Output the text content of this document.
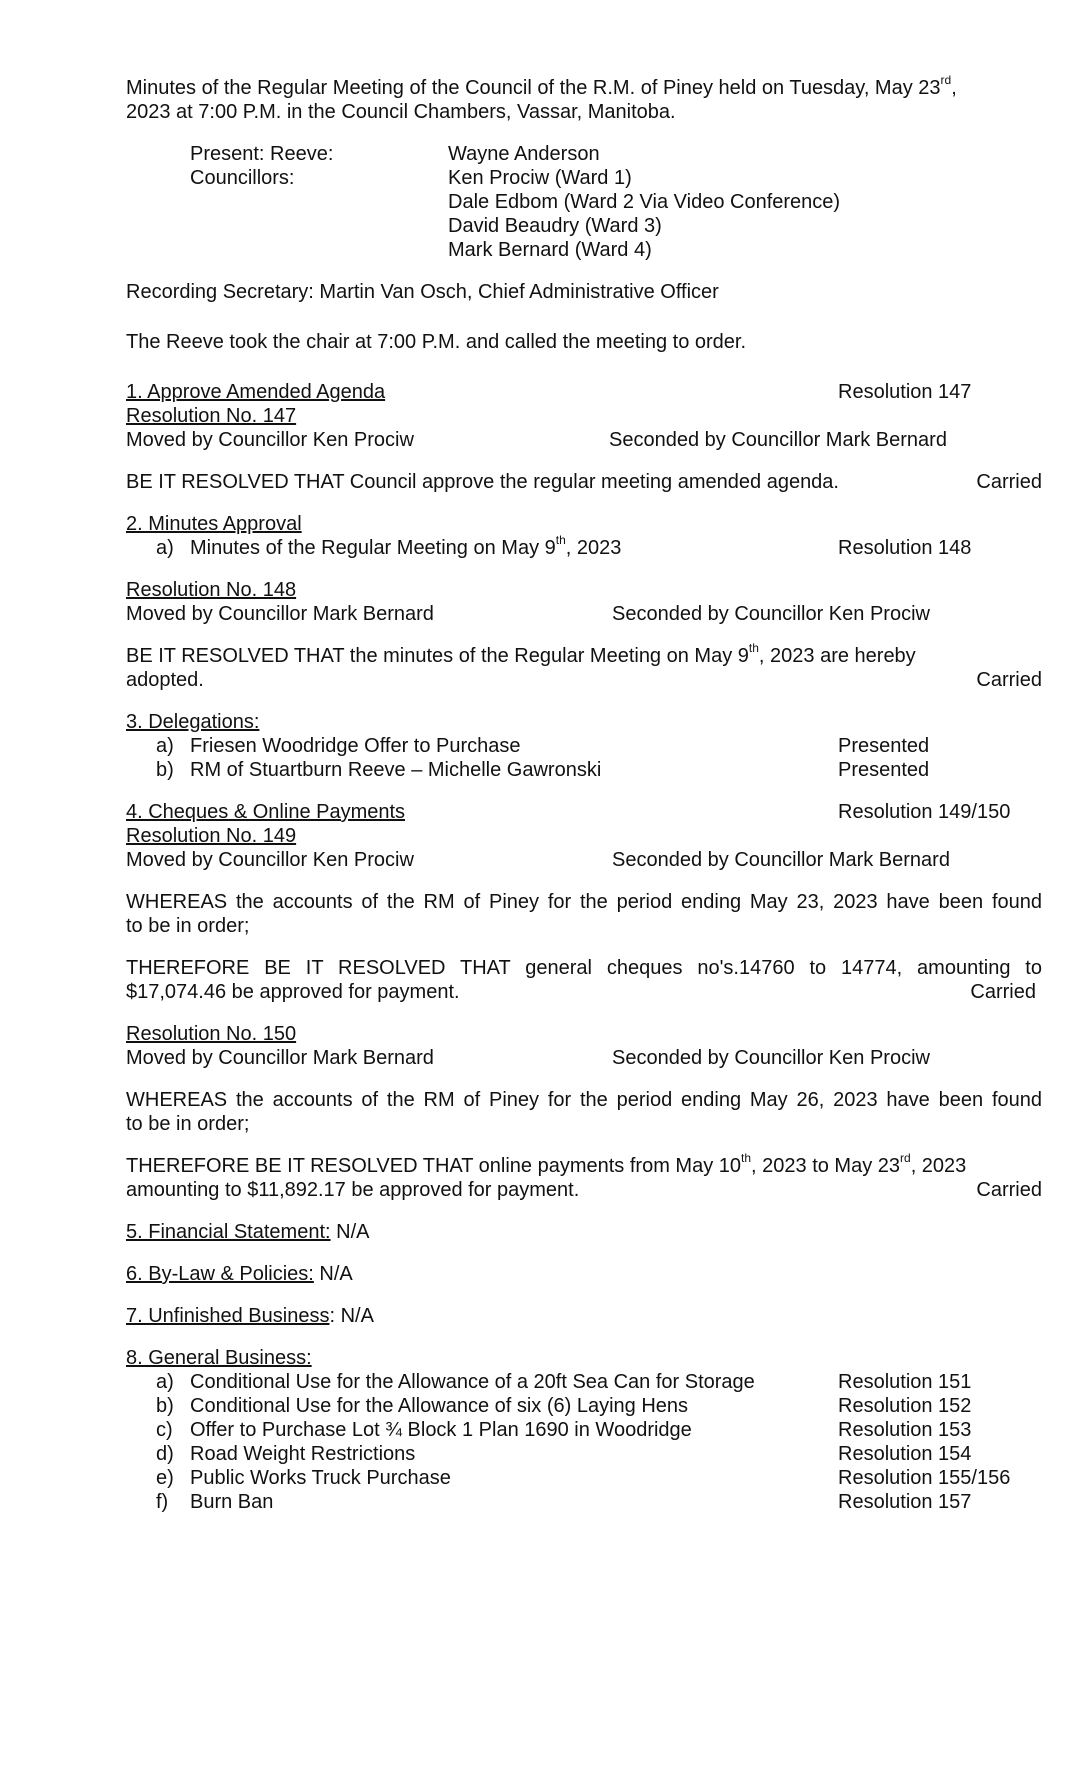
Minutes of the Regular Meeting of the Council of the R.M. of Piney held on Tuesday, May 23rd,
2023 at 7:00 P.M. in the Council Chambers, Vassar, Manitoba.
Present: Reeve:	Wayne Anderson
Councillors:	Ken Prociw (Ward 1)
Dale Edbom (Ward 2 Via Video Conference)
David Beaudry (Ward 3)
Mark Bernard (Ward 4)
Recording Secretary: Martin Van Osch, Chief Administrative Officer
The Reeve took the chair at 7:00 P.M. and called the meeting to order.
1. Approve Amended Agenda	Resolution 147
Resolution No. 147
Moved by Councillor Ken Prociw	Seconded by Councillor Mark Bernard
BE IT RESOLVED THAT Council approve the regular meeting amended agenda.	Carried
2. Minutes Approval
a) Minutes of the Regular Meeting on May 9th, 2023	Resolution 148
Resolution No. 148
Moved by Councillor Mark Bernard	Seconded by Councillor Ken Prociw
BE IT RESOLVED THAT the minutes of the Regular Meeting on May 9th, 2023 are hereby
adopted.	Carried
3. Delegations:
a) Friesen Woodridge Offer to Purchase	Presented
b) RM of Stuartburn Reeve – Michelle Gawronski	Presented
4. Cheques & Online Payments	Resolution 149/150
Resolution No. 149
Moved by Councillor Ken Prociw	Seconded by Councillor Mark Bernard
WHEREAS the accounts of the RM of Piney for the period ending May 23, 2023 have been found
to be in order;
THEREFORE BE IT RESOLVED THAT general cheques no's.14760 to 14774, amounting to
$17,074.46 be approved for payment.	Carried
Resolution No. 150
Moved by Councillor Mark Bernard	Seconded by Councillor Ken Prociw
WHEREAS the accounts of the RM of Piney for the period ending May 26, 2023 have been found
to be in order;
THEREFORE BE IT RESOLVED THAT online payments from May 10th, 2023 to May 23rd, 2023
amounting to $11,892.17 be approved for payment.	Carried
5. Financial Statement: N/A
6. By-Law & Policies: N/A
7. Unfinished Business: N/A
8. General Business:
a) Conditional Use for the Allowance of a 20ft Sea Can for Storage	Resolution 151
b) Conditional Use for the Allowance of six (6) Laying Hens	Resolution 152
c) Offer to Purchase Lot ¾ Block 1 Plan 1690 in Woodridge	Resolution 153
d) Road Weight Restrictions	Resolution 154
e) Public Works Truck Purchase	Resolution 155/156
f) Burn Ban	Resolution 157
